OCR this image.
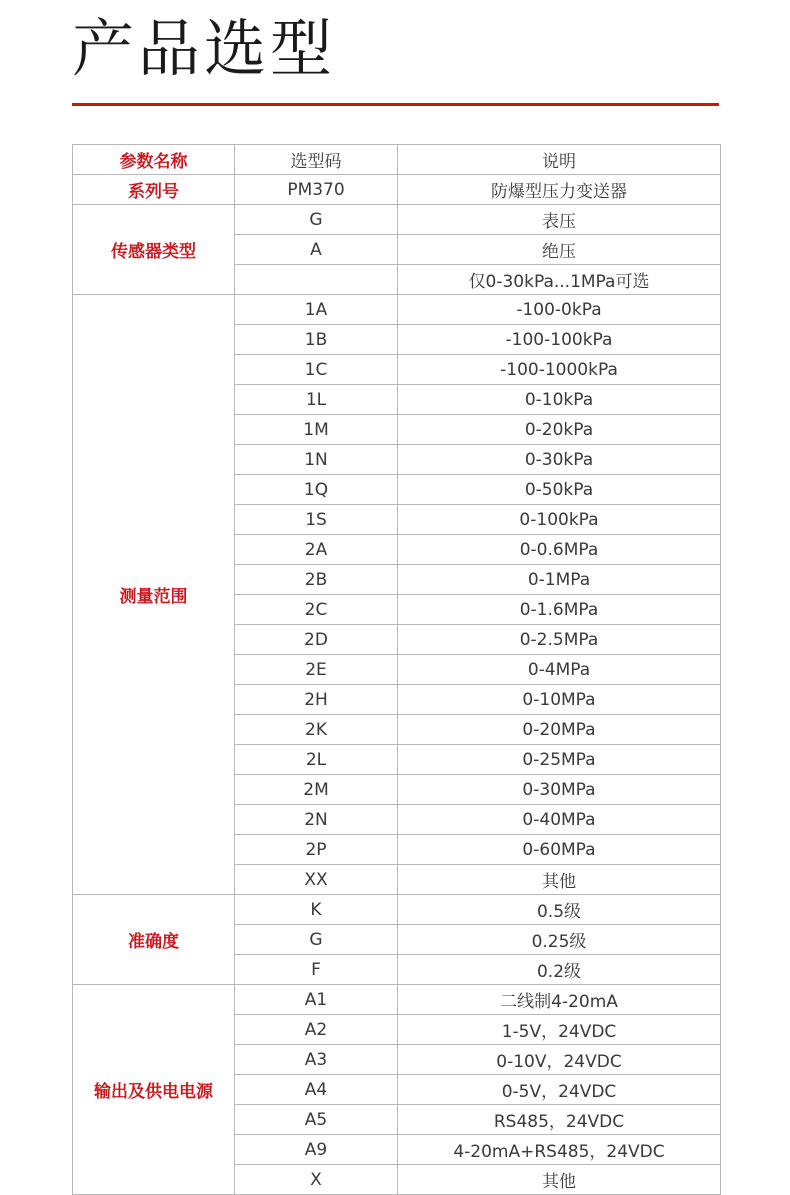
产品选型
参数名称	选型码	说明
系列号	PM370	防爆型压力变送器
传感器类型	G	表压
	A	绝压
		仅0-30kPa...1MPa可选
测量范围	1A	-100-0kPa
	1B	-100-100kPa
	1C	-100-1000kPa
	1L	0-10kPa
	1M	0-20kPa
	1N	0-30kPa
	1Q	0-50kPa
	1S	0-100kPa
	2A	0-0.6MPa
	2B	0-1MPa
	2C	0-1.6MPa
	2D	0-2.5MPa
	2E	0-4MPa
	2H	0-10MPa
	2K	0-20MPa
	2L	0-25MPa
	2M	0-30MPa
	2N	0-40MPa
	2P	0-60MPa
	XX	其他
准确度	K	0.5级
	G	0.25级
	F	0.2级
输出及供电电源	A1	二线制4-20mA
	A2	1-5V，24VDC
	A3	0-10V，24VDC
	A4	0-5V，24VDC
	A5	RS485，24VDC
	A9	4-20mA+RS485，24VDC
	X	其他
